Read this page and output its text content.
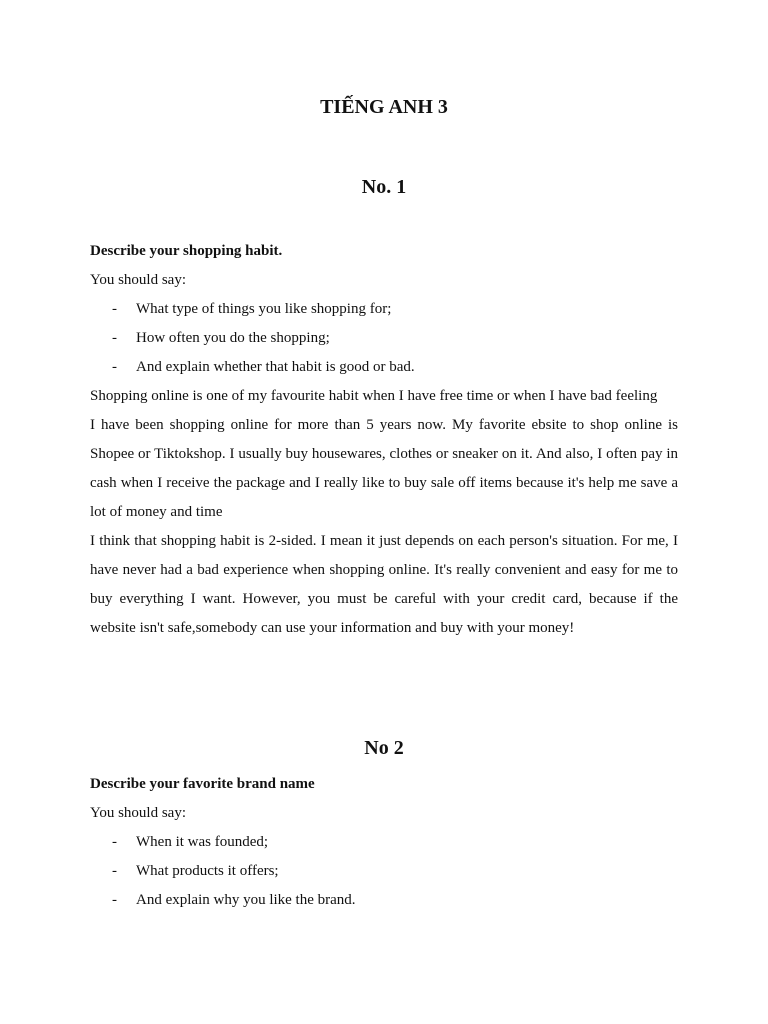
TIẾNG ANH 3
No. 1

Describe your shopping habit.

You should say:

- What type of things you like shopping for;
- How often you do the shopping;
- And explain whether that habit is good or bad.

Shopping online is one of my favourite habit when I have free time or when I have bad feeling

I have been shopping online for more than 5 years now. My favorite ebsite to shop online is Shopee or Tiktokshop. I usually buy housewares, clothes or sneaker on it. And also, I often pay in cash when I receive the package and I really like to buy sale off items because it's help me save a lot of money and time

I think that shopping habit is 2-sided. I mean it just depends on each person's situation. For me, I have never had a bad experience when shopping online. It's really convenient and easy for me to buy everything I want. However, you must be careful with your credit card, because if the website isn't safe,somebody can use your information and buy with your money!

No 2

Describe your favorite brand name

You should say:

- When it was founded;
- What products it offers;
- And explain why you like the brand.
